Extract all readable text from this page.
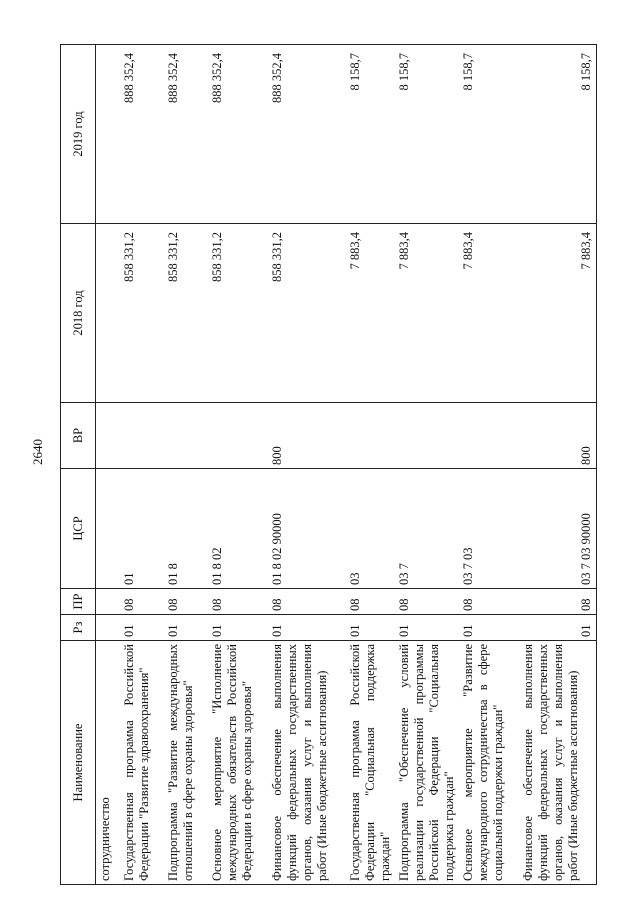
2640
Наименование	Рз	ПР	ЦСР	ВР	2018 год	2019 год
сотрудничество						
Государственная программа Российской Федерации "Развитие здравоохранения"	01	08	01		858 331,2	888 352,4
Подпрограмма "Развитие международных отношений в сфере охраны здоровья"	01	08	01 8		858 331,2	888 352,4
Основное мероприятие "Исполнение международных обязательств Российской Федерации в сфере охраны здоровья"	01	08	01 8 02		858 331,2	888 352,4
Финансовое обеспечение выполнения функций федеральных государственных органов, оказания услуг и выполнения работ (Иные бюджетные ассигнования)	01	08	01 8 02 90000	800	858 331,2	888 352,4
Государственная программа Российской Федерации "Социальная поддержка граждан"	01	08	03		7 883,4	8 158,7
Подпрограмма "Обеспечение условий реализации государственной программы Российской Федерации "Социальная поддержка граждан"	01	08	03 7		7 883,4	8 158,7
Основное мероприятие "Развитие международного сотрудничества в сфере социальной поддержки граждан"	01	08	03 7 03		7 883,4	8 158,7
Финансовое обеспечение выполнения функций федеральных государственных органов, оказания услуг и выполнения работ (Иные бюджетные ассигнования)	01	08	03 7 03 90000	800	7 883,4	8 158,7
